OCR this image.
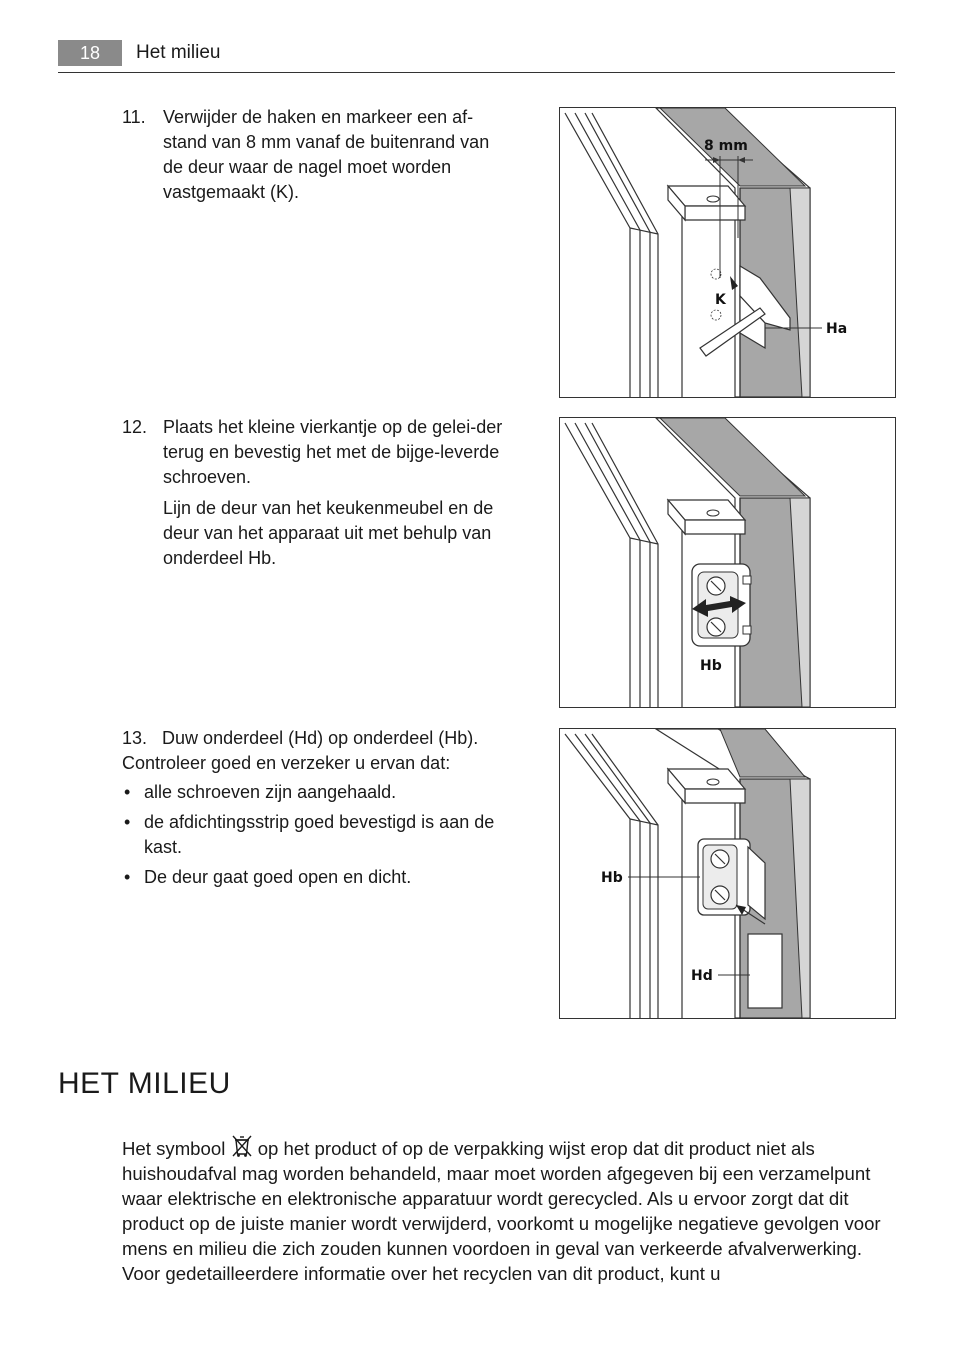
18	Het milieu
11. Verwijder de haken en markeer een af-stand van 8 mm vanaf de buitenrand van de deur waar de nagel moet worden vastgemaakt (K).

12. Plaats het kleine vierkantje op de gelei-der terug en bevestig het met de bijge-leverde schroeven.

Lijn de deur van het keukenmeubel en de deur van het apparaat uit met behulp van onderdeel Hb.

13. Duw onderdeel (Hd) op onderdeel (Hb).
Controleer goed en verzeker u ervan dat:
• alle schroeven zijn aangehaald.
• de afdichtingsstrip goed bevestigd is aan de kast.
• De deur gaat goed open en dicht.
8 mm
K
Ha
Hb
Hb
Hd
HET MILIEU

Het symbool op het product of op de verpakking wijst erop dat dit product niet als huishoudafval mag worden behandeld, maar moet worden afgegeven bij een verzamelpunt waar elektrische en elektronische apparatuur wordt gerecycled. Als u ervoor zorgt dat dit product op de juiste manier wordt verwijderd, voorkomt u mogelijke negatieve gevolgen voor mens en milieu die zich zouden kunnen voordoen in geval van verkeerde afvalverwerking. Voor gedetailleerdere informatie over het recyclen van dit product, kunt u
